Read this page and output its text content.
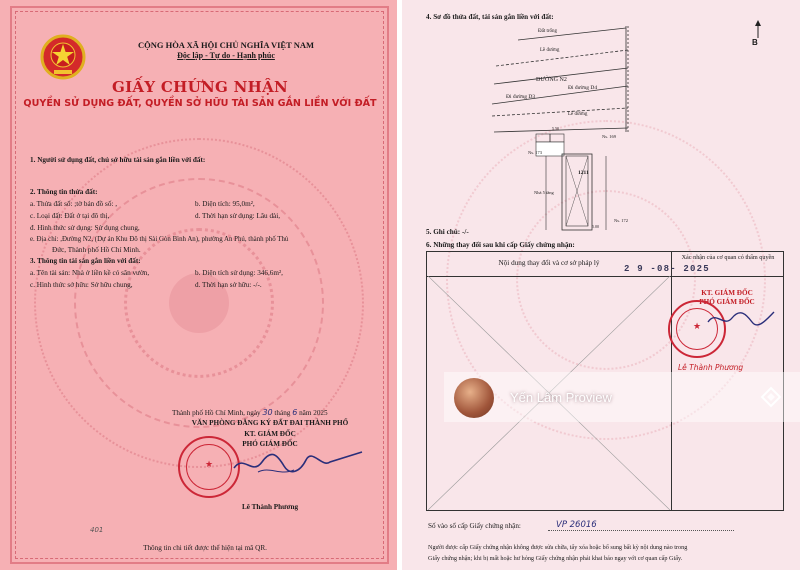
CỘNG HÒA XÃ HỘI CHỦ NGHĨA VIỆT NAM
Độc lập - Tự do - Hạnh phúc
GIẤY CHỨNG NHẬN
QUYỀN SỬ DỤNG ĐẤT, QUYỀN SỞ HỮU TÀI SẢN GẮN LIỀN VỚI ĐẤT
1. Người sử dụng đất, chủ sở hữu tài sản gắn liền với đất:
2. Thông tin thửa đất:
a. Thửa đất số: ;tờ bản đồ số: ,	b. Diện tích: 95,0m²,
c. Loại đất: Đất ở tại đô thị,	d. Thời hạn sử dụng: Lâu dài,
đ. Hình thức sử dụng: Sử dụng chung,
e. Địa chỉ: ,Đường N2, (Dự án Khu Đô thị Sài Gòn Bình An), phường An Phú, thành phố Thủ
Đức, Thành phố Hồ Chí Minh.
3. Thông tin tài sản gắn liền với đất:
a. Tên tài sản: Nhà ở liền kề có sân vườn,	b. Diện tích sử dụng: 346,6m²,
c. Hình thức sở hữu: Sở hữu chung,	d. Thời hạn sở hữu: -/-.
Thành phố Hồ Chí Minh, ngày 30 tháng 6 năm 2025
VĂN PHÒNG ĐĂNG KÝ ĐẤT ĐAI THÀNH PHỐ
KT. GIÁM ĐỐC
PHÓ GIÁM ĐỐC
★
Lê Thành Phương
401
Thông tin chi tiết được thể hiện tại mã QR.
4. Sơ đồ thửa đất, tài sản gắn liền với đất:
B
Đất trống
Lề đường
ĐƯỜNG N2
Đi đường D3
Đi đường D4
Lề đường
Ns. 173
Ns. 169
1211
Nhà 5 tầng
Ns. 172
5.00
5.50
5. Ghi chú: -/-
6. Những thay đổi sau khi cấp Giấy chứng nhận:
Nội dung thay đổi và cơ sở pháp lý
Xác nhận của cơ quan có thẩm quyền
2 9 -08- 2025
KT. GIÁM ĐỐC
PHÓ GIÁM ĐỐC
★
Lê Thành Phương
Yến Lâm Proview
Số vào sổ cấp Giấy chứng nhận:	VP 26016
Người được cấp Giấy chứng nhận không được sửa chữa, tẩy xóa hoặc bổ sung bất kỳ nội dung nào trong
Giấy chứng nhận; khi bị mất hoặc hư hỏng Giấy chứng nhận phải khai báo ngay với cơ quan cấp Giấy.
